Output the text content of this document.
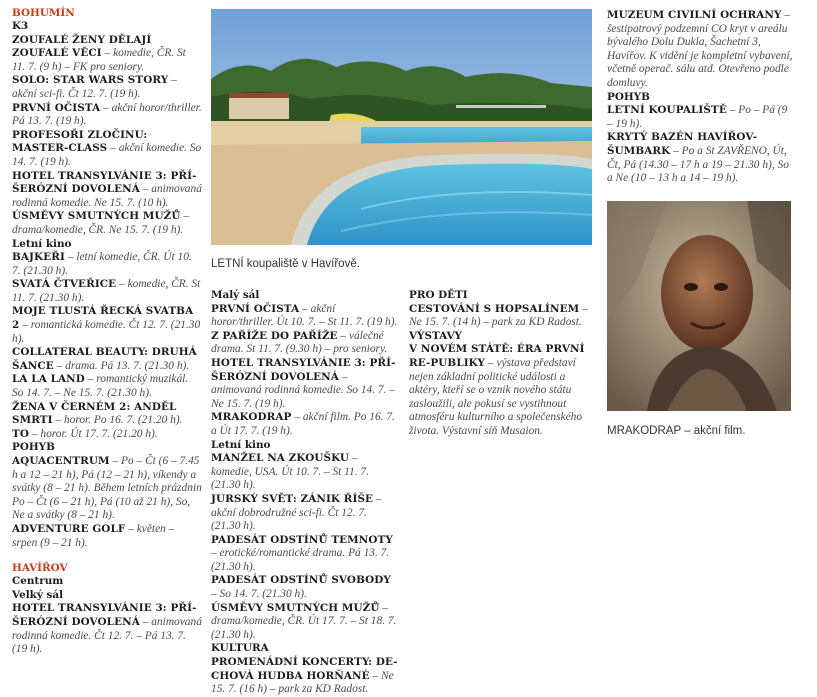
BOHUMÍN
K3
ZOUFALÉ ŽENY DĚLAJÍ ZOUFALÉ VĚCI – komedie, ČR. St 11. 7. (9 h) – FK pro seniory.
SOLO: STAR WARS STORY – akční sci-fi. Čt 12. 7. (19 h).
PRVNÍ OČISTA – akční horor/thriller. Pá 13. 7. (19 h).
PROFESOŘI ZLOČINU: MASTER-CLASS – akční komedie. So 14. 7. (19 h).
HOTEL TRANSYLVÁNIE 3: PŘÍ-ŠERÓZNÍ DOVOLENÁ – animovaná rodinná komedie. Ne 15. 7. (10 h).
ÚSMĚVY SMUTNÝCH MUŽŮ – drama/komedie, ČR. Ne 15. 7. (19 h).
Letní kino
BAJKEŘI – letní komedie, ČR. Út 10. 7. (21.30 h).
SVATÁ ČTVEŘICE – komedie, ČR. St 11. 7. (21.30 h).
MOJE TLUSTÁ ŘECKÁ SVATBA 2 – romantická komedie. Čt 12. 7. (21.30 h).
COLLATERAL BEAUTY: DRUHÁ ŠANCE – drama. Pá 13. 7. (21.30 h).
LA LA LAND – romantický muzikál. So 14. 7. – Ne 15. 7. (21.30 h).
ŽENA V ČERNÉM 2: ANDĚL SMRTI – horor. Po 16. 7. (21.20 h).
TO – horor. Út 17. 7. (21.20 h).
POHYB
AQUACENTRUM – Po – Čt (6 – 7.45 h a 12 – 21 h), Pá (12 – 21 h), víkendy a svátky (8 – 21 h). Během letních prázdnin Po – Čt (6 – 21 h), Pá (10 až 21 h), So, Ne a svátky (8 – 21 h).
ADVENTURE GOLF – květen – srpen (9 – 21 h).
HAVÍŘOV
Centrum
Velký sál
HOTEL TRANSYLVÁNIE 3: PŘÍ-ŠERÓZNÍ DOVOLENÁ – animovaná rodinná komedie. Čt 12. 7. – Pá 13. 7. (19 h).
LETNÍ koupaliště v Havířově.
Malý sál
PRVNÍ OČISTA – akční horor/thriller. Út 10. 7. – St 11. 7. (19 h).
Z PAŘÍŽE DO PAŘÍŽE – válečné drama. St 11. 7. (9.30 h) – pro seniory.
HOTEL TRANSYLVÁNIE 3: PŘÍ-ŠERÓZNÍ DOVOLENÁ – animovaná rodinná komedie. So 14. 7. – Ne 15. 7. (19 h).
MRAKODRAP – akční film. Po 16. 7. a Út 17. 7. (19 h).
Letní kino
MANŽEL NA ZKOUŠKU – komedie, USA. Út 10. 7. – St 11. 7. (21.30 h).
JURSKÝ SVĚT: ZÁNIK ŘÍŠE – akční dobrodružné sci-fi. Čt 12. 7. (21.30 h).
PADESÁT ODSTÍNŮ TEMNOTY – erotické/romantické drama. Pá 13. 7. (21.30 h).
PADESÁT ODSTÍNŮ SVOBODY – So 14. 7. (21.30 h).
ÚSMĚVY SMUTNÝCH MUŽŮ – drama/komedie, ČR. Út 17. 7. – St 18. 7. (21.30 h).
KULTURA
PROMENÁDNÍ KONCERTY: DE-CHOVÁ HUDBA HORŇANÉ – Ne 15. 7. (16 h) – park za KD Radost.
PRO DĚTI
CESTOVÁNÍ S HOPSALÍNEM – Ne 15. 7. (14 h) – park za KD Radost.
VÝSTAVY
V NOVÉM STÁTĚ: ÉRA PRVNÍ RE-PUBLIKY – výstava představí nejen základní politické události a aktéry, kteří se o vznik nového státu zasloužili, ale pokusí se vystihnout atmosféru kulturního a společenského života. Výstavní síň Musaion.
MUZEUM CIVILNÍ OCHRANY – šestipatrový podzemní CO kryt v areálu bývalého Dolu Dukla, Šachetní 3, Havířov. K vidění je kompletní vybavení, včetně operač. sálu atd. Otevřeno podle domluvy.
POHYB
LETNÍ KOUPALIŠTĚ – Po – Pá (9 – 19 h).
KRYTÝ BAZÉN HAVÍŘOV-ŠUMBARK – Po a St ZAVŘENO, Út, Čt, Pá (14.30 – 17 h a 19 – 21.30 h), So a Ne (10 – 13 h a 14 – 19 h).
MRAKODRAP – akční film.
